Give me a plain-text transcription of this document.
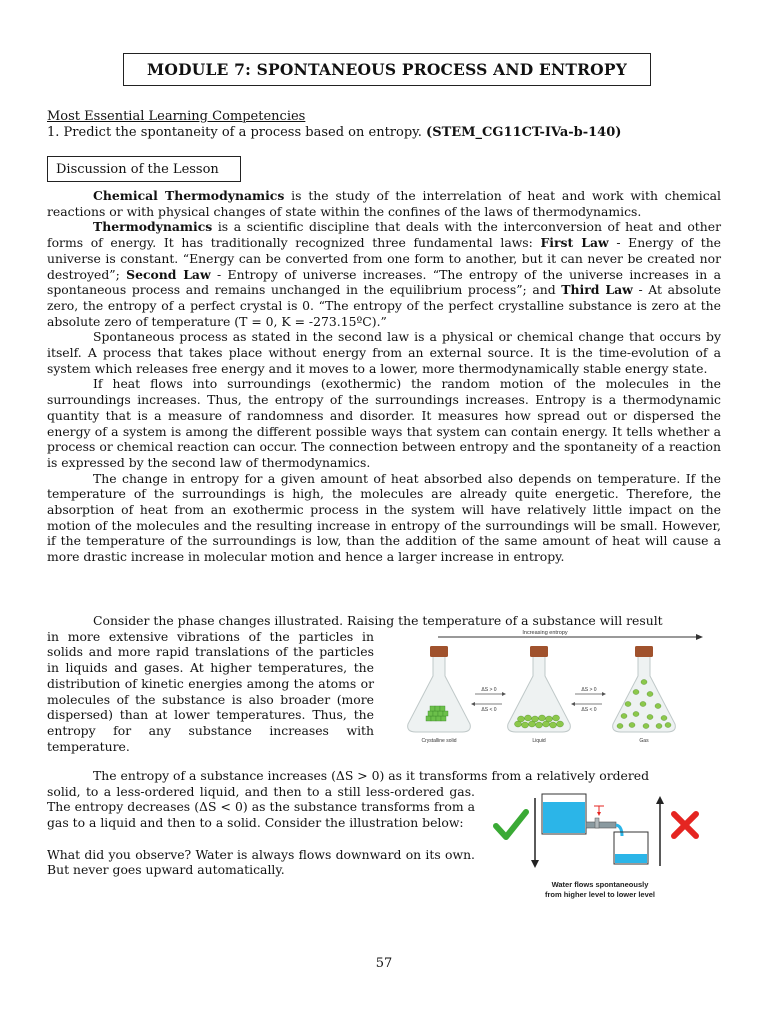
MODULE 7: SPONTANEOUS PROCESS AND ENTROPY
Most Essential Learning Competencies
1. Predict the spontaneity of a process based on entropy. (STEM_CG11CT-IVa-b-140)
Discussion of the Lesson

Chemical Thermodynamics is the study of the interrelation of heat and work with chemical reactions or with physical changes of state within the confines of the laws of thermodynamics.

Thermodynamics is a scientific discipline that deals with the interconversion of heat and other forms of energy. It has traditionally recognized three fundamental laws: First Law - Energy of the universe is constant. “Energy can be converted from one form to another, but it can never be created nor destroyed”; Second Law - Entropy of universe increases. “The entropy of the universe increases in a spontaneous process and remains unchanged in the equilibrium process”; and Third Law - At absolute zero, the entropy of a perfect crystal is 0. “The entropy of the perfect crystalline substance is zero at the absolute zero of temperature (T = 0, K = -273.15ºC).”

Spontaneous process as stated in the second law is a physical or chemical change that occurs by itself. A process that takes place without energy from an external source. It is the time-evolution of a system which releases free energy and it moves to a lower, more thermodynamically stable energy state.

If heat flows into surroundings (exothermic) the random motion of the molecules in the surroundings increases. Thus, the entropy of the surroundings increases. Entropy is a thermodynamic quantity that is a measure of randomness and disorder. It measures how spread out or dispersed the energy of a system is among the different possible ways that system can contain energy. It tells whether a process or chemical reaction can occur. The connection between entropy and the spontaneity of a reaction is expressed by the second law of thermodynamics.

The change in entropy for a given amount of heat absorbed also depends on temperature. If the temperature of the surroundings is high, the molecules are already quite energetic. Therefore, the absorption of heat from an exothermic process in the system will have relatively little impact on the motion of the molecules and the resulting increase in entropy of the surroundings will be small. However, if the temperature of the surroundings is low, than the addition of the same amount of heat will cause a more drastic increase in molecular motion and hence a larger increase in entropy.

Consider the phase changes illustrated. Raising the temperature of a substance will result

in more extensive vibrations of the particles in solids and more rapid translations of the particles in liquids and gases. At higher temperatures, the distribution of kinetic energies among the atoms or molecules of the substance is also broader (more dispersed) than at lower temperatures. Thus, the entropy for any substance increases with temperature.

Increasing entropy
Crystalline solid
ΔS > 0
ΔS < 0
Liquid
ΔS > 0
ΔS < 0
Gas

The entropy of a substance increases (ΔS > 0) as it transforms from a relatively ordered

solid, to a less-ordered liquid, and then to a still less-ordered gas. The entropy decreases (ΔS < 0) as the substance transforms from a gas to a liquid and then to a solid. Consider the illustration below:

What did you observe? Water is always flows downward on its own. But never goes upward automatically.

Water flows spontaneously
from higher level to lower level
57
